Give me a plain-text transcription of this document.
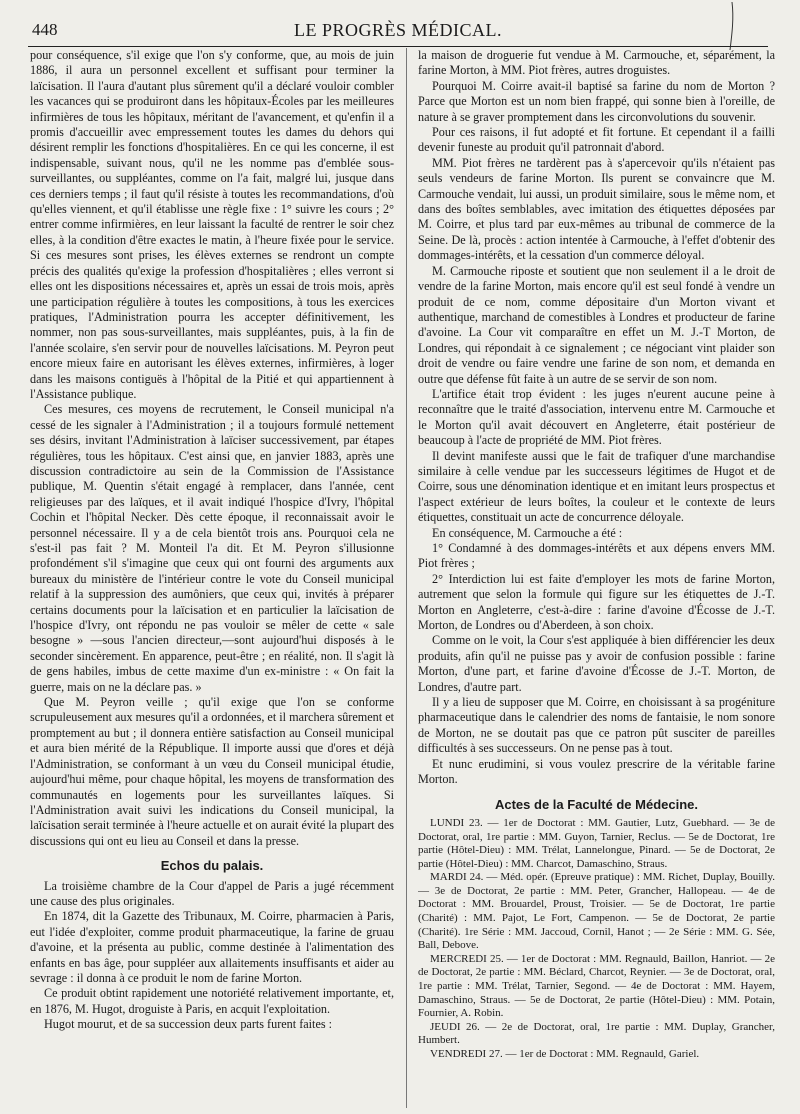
448	LE PROGRÈS MÉDICAL.

pour conséquence, s'il exige que l'on s'y conforme, que, au mois de juin 1886, il aura un personnel excellent et suffisant pour terminer la laïcisation. Il l'aura d'autant plus sûrement qu'il a déclaré vouloir combler les vacances qui se produiront dans les hôpitaux-Écoles par les meilleures infirmières de tous les hôpitaux, méritant de l'avancement, et qu'enfin il a promis d'accueillir avec empressement toutes les dames du dehors qui désirent remplir les fonctions d'hospitalières. En ce qui les concerne, il est indispensable, suivant nous, qu'il ne les nomme pas d'emblée sous-surveillantes, ou suppléantes, comme on l'a fait, malgré lui, jusque dans ces derniers temps ; il faut qu'il résiste à toutes les recommandations, d'où qu'elles viennent, et qu'il établisse une règle fixe : 1° suivre les cours ; 2° entrer comme infirmières, en leur laissant la faculté de rentrer le soir chez elles, à la condition d'être exactes le matin, à l'heure fixée pour le service. Si ces mesures sont prises, les élèves externes se rendront un compte précis des qualités qu'exige la profession d'hospitalières ; elles verront si elles ont les dispositions nécessaires et, après un essai de trois mois, après une participation régulière à toutes les compositions, à tous les exercices pratiques, l'Administration pourra les accepter définitivement, les nommer, non pas sous-surveillantes, mais suppléantes, puis, à la fin de l'année scolaire, s'en servir pour de nouvelles laïcisations. M. Peyron peut encore mieux faire en autorisant les élèves externes, infirmières, à loger dans les maisons contiguës à l'hôpital de la Pitié et qui appartiennent à l'Assistance publique.

Ces mesures, ces moyens de recrutement, le Conseil municipal n'a cessé de les signaler à l'Administration ; il a toujours formulé nettement ses désirs, invitant l'Administration à laïciser successivement, par étapes régulières, tous les hôpitaux. C'est ainsi que, en janvier 1883, après une discussion contradictoire au sein de la Commission de l'Assistance publique, M. Quentin s'était engagé à remplacer, dans l'année, cent religieuses par des laïques, et il avait indiqué l'hospice d'Ivry, l'hôpital Cochin et l'hôpital Necker. Dès cette époque, il reconnaissait avoir le personnel nécessaire. Il y a de cela bientôt trois ans. Pourquoi cela ne s'est-il pas fait ? M. Monteil l'a dit. Et M. Peyron s'illusionne profondément s'il s'imagine que ceux qui ont fourni des arguments aux bureaux du ministère de l'intérieur contre le vote du Conseil municipal relatif à la suppression des aumôniers, que ceux qui, invités à préparer certains documents pour la laïcisation et en particulier la laïcisation de l'hospice d'Ivry, ont répondu ne pas vouloir se mêler de cette « sale besogne » —sous l'ancien directeur,—sont aujourd'hui disposés à le seconder sincèrement. En apparence, peut-être ; en réalité, non. Il s'agit là de gens habiles, imbus de cette maxime d'un ex-ministre : « On fait la guerre, mais on ne la déclare pas. »

Que M. Peyron veille ; qu'il exige que l'on se conforme scrupuleusement aux mesures qu'il a ordonnées, et il marchera sûrement et promptement au but ; il donnera entière satisfaction au Conseil municipal et aura bien mérité de la République. Il importe aussi que d'ores et déjà l'Administration, se conformant à un vœu du Conseil municipal étudie, aujourd'hui même, pour chaque hôpital, les moyens de transformation des communautés en logements pour les surveillantes laïques. Si l'Administration avait suivi les indications du Conseil municipal, la laïcisation serait terminée à l'heure actuelle et on aurait évité la plupart des discussions qui ont eu lieu au Conseil et dans la presse.

Echos du palais.

La troisième chambre de la Cour d'appel de Paris a jugé récemment une cause des plus originales.

En 1874, dit la Gazette des Tribunaux, M. Coirre, pharmacien à Paris, eut l'idée d'exploiter, comme produit pharmaceutique, la farine de gruau d'avoine, et la présenta au public, comme destinée à l'alimentation des enfants en bas âge, pour suppléer aux allaitements insuffisants et aider au sevrage : il donna à ce produit le nom de farine Morton.

Ce produit obtint rapidement une notoriété relativement importante, et, en 1876, M. Hugot, droguiste à Paris, en acquit l'exploitation.

Hugot mourut, et de sa succession deux parts furent faites :

la maison de droguerie fut vendue à M. Carmouche, et, séparément, la farine Morton, à MM. Piot frères, autres droguistes.

Pourquoi M. Coirre avait-il baptisé sa farine du nom de Morton ? Parce que Morton est un nom bien frappé, qui sonne bien à l'oreille, de nature à se graver promptement dans les circonvolutions du souvenir.

Pour ces raisons, il fut adopté et fit fortune. Et cependant il a failli devenir funeste au produit qu'il patronnait d'abord.

MM. Piot frères ne tardèrent pas à s'apercevoir qu'ils n'étaient pas seuls vendeurs de farine Morton. Ils purent se convaincre que M. Carmouche vendait, lui aussi, un produit similaire, sous le même nom, et dans des boîtes semblables, avec imitation des étiquettes déposées par M. Coirre, et plus tard par eux-mêmes au tribunal de commerce de la Seine. De là, procès : action intentée à Carmouche, à l'effet d'obtenir des dommages-intérêts, et la cessation d'un commerce déloyal.

M. Carmouche riposte et soutient que non seulement il a le droit de vendre de la farine Morton, mais encore qu'il est seul fondé à vendre un produit de ce nom, comme dépositaire d'un Morton vivant et authentique, marchand de comestibles à Londres et producteur de farine d'avoine. La Cour vit comparaître en effet un M. J.-T Morton, de Londres, qui répondait à ce signalement ; ce négociant vint plaider son droit de vendre ou faire vendre une farine de son nom, et demanda en outre que défense fût faite à un autre de se servir de son nom.

L'artifice était trop évident : les juges n'eurent aucune peine à reconnaître que le traité d'association, intervenu entre M. Carmouche et le Morton qu'il avait découvert en Angleterre, était postérieur de beaucoup à l'acte de propriété de MM. Piot frères.

Il devint manifeste aussi que le fait de trafiquer d'une marchandise similaire à celle vendue par les successeurs légitimes de Hugot et de Coirre, sous une dénomination identique et en imitant leurs prospectus et l'aspect extérieur de leurs boîtes, la couleur et le contexte de leurs étiquettes, constituait un acte de concurrence déloyale.

En conséquence, M. Carmouche a été :

1° Condamné à des dommages-intérêts et aux dépens envers MM. Piot frères ;

2° Interdiction lui est faite d'employer les mots de farine Morton, autrement que selon la formule qui figure sur les étiquettes de J.-T. Morton en Angleterre, c'est-à-dire : farine d'avoine d'Écosse de J.-T. Morton, de Londres ou d'Aberdeen, à son choix.

Comme on le voit, la Cour s'est appliquée à bien différencier les deux produits, afin qu'il ne puisse pas y avoir de confusion possible : farine Morton, d'une part, et farine d'avoine d'Écosse de J.-T. Morton, de Londres, d'autre part.

Il y a lieu de supposer que M. Coirre, en choisissant à sa progéniture pharmaceutique dans le calendrier des noms de fantaisie, le nom sonore de Morton, ne se doutait pas que ce patron pût susciter de pareilles difficultés à ses successeurs. On ne pense pas à tout.

Et nunc erudimini, si vous voulez prescrire de la véritable farine Morton.

Actes de la Faculté de Médecine.

LUNDI 23. — 1er de Doctorat : MM. Gautier, Lutz, Guebhard. — 3e de Doctorat, oral, 1re partie : MM. Guyon, Tarnier, Reclus. — 5e de Doctorat, 1re partie (Hôtel-Dieu) : MM. Trélat, Lannelongue, Pinard. — 5e de Doctorat, 2e partie (Hôtel-Dieu) : MM. Charcot, Damaschino, Straus.

MARDI 24. — Méd. opér. (Epreuve pratique) : MM. Richet, Duplay, Bouilly. — 3e de Doctorat, 2e partie : MM. Peter, Grancher, Hallopeau. — 4e de Doctorat : MM. Brouardel, Proust, Troisier. — 5e de Doctorat, 1re partie (Charité) : MM. Pajot, Le Fort, Campenon. — 5e de Doctorat, 2e partie (Charité). 1re Série : MM. Jaccoud, Cornil, Hanot ; — 2e Série : MM. G. Sée, Ball, Debove.

MERCREDI 25. — 1er de Doctorat : MM. Regnauld, Baillon, Hanriot. — 2e de Doctorat, 2e partie : MM. Béclard, Charcot, Reynier. — 3e de Doctorat, oral, 1re partie : MM. Trélat, Tarnier, Segond. — 4e de Doctorat : MM. Hayem, Damaschino, Straus. — 5e de Doctorat, 2e partie (Hôtel-Dieu) : MM. Potain, Fournier, A. Robin.

JEUDI 26. — 2e de Doctorat, oral, 1re partie : MM. Duplay, Grancher, Humbert.

VENDREDI 27. — 1er de Doctorat : MM. Regnauld, Gariel.
